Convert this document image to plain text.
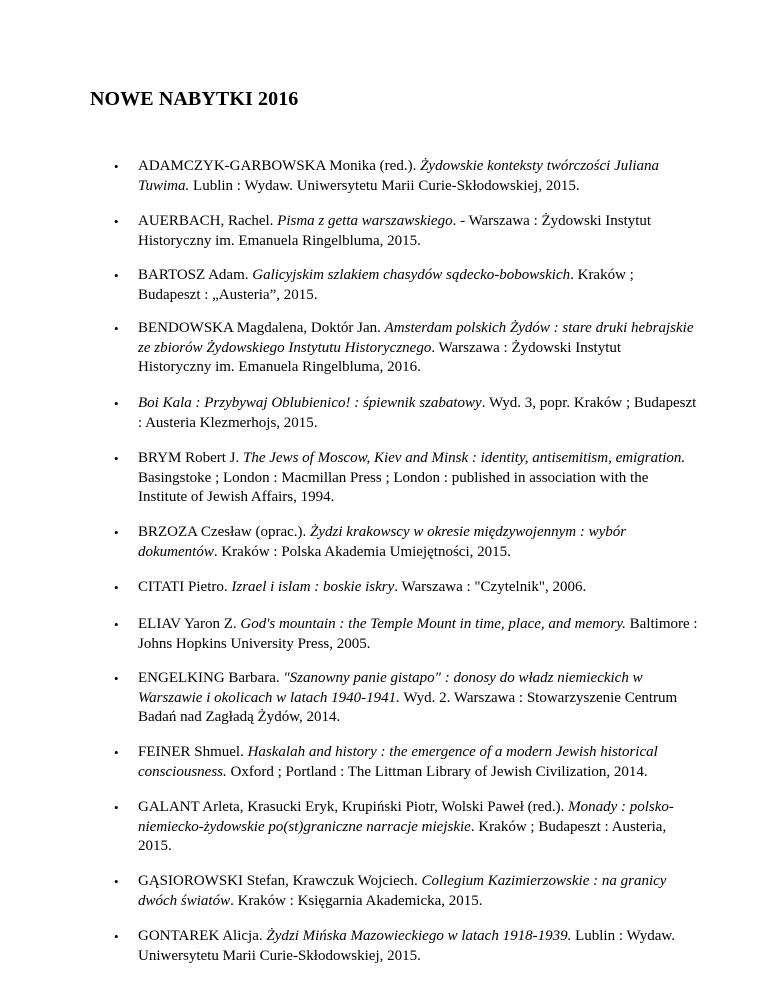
NOWE NABYTKI 2016
• ADAMCZYK-GARBOWSKA Monika (red.). Żydowskie konteksty twórczości Juliana Tuwima. Lublin : Wydaw. Uniwersytetu Marii Curie-Skłodowskiej, 2015.
• AUERBACH, Rachel. Pisma z getta warszawskiego. - Warszawa : Żydowski Instytut Historyczny im. Emanuela Ringelbluma, 2015.
• BARTOSZ Adam. Galicyjskim szlakiem chasydów sądecko-bobowskich. Kraków ; Budapeszt : „Austeria”, 2015.
• BENDOWSKA Magdalena, Doktór Jan. Amsterdam polskich Żydów : stare druki hebrajskie ze zbiorów Żydowskiego Instytutu Historycznego. Warszawa : Żydowski Instytut Historyczny im. Emanuela Ringelbluma, 2016.
• Boi Kala : Przybywaj Oblubienico! : śpiewnik szabatowy. Wyd. 3, popr. Kraków ; Budapeszt : Austeria Klezmerhojs, 2015.
• BRYM Robert J. The Jews of Moscow, Kiev and Minsk : identity, antisemitism, emigration. Basingstoke ; London : Macmillan Press ; London : published in association with the Institute of Jewish Affairs, 1994.
• BRZOZA Czesław (oprac.). Żydzi krakowscy w okresie międzywojennym : wybór dokumentów. Kraków : Polska Akademia Umiejętności, 2015.
• CITATI Pietro. Izrael i islam : boskie iskry. Warszawa : "Czytelnik", 2006.
• ELIAV Yaron Z. God's mountain : the Temple Mount in time, place, and memory. Baltimore : Johns Hopkins University Press, 2005.
• ENGELKING Barbara. "Szanowny panie gistapo" : donosy do władz niemieckich w Warszawie i okolicach w latach 1940-1941. Wyd. 2. Warszawa : Stowarzyszenie Centrum Badań nad Zagładą Żydów, 2014.
• FEINER Shmuel. Haskalah and history : the emergence of a modern Jewish historical consciousness. Oxford ; Portland : The Littman Library of Jewish Civilization, 2014.
• GALANT Arleta, Krasucki Eryk, Krupiński Piotr, Wolski Paweł (red.). Monady : polsko-niemiecko-żydowskie po(st)graniczne narracje miejskie. Kraków ; Budapeszt : Austeria, 2015.
• GĄSIOROWSKI Stefan, Krawczuk Wojciech. Collegium Kazimierzowskie : na granicy dwóch światów. Kraków : Księgarnia Akademicka, 2015.
• GONTAREK Alicja. Żydzi Mińska Mazowieckiego w latach 1918-1939. Lublin : Wydaw. Uniwersytetu Marii Curie-Skłodowskiej, 2015.
